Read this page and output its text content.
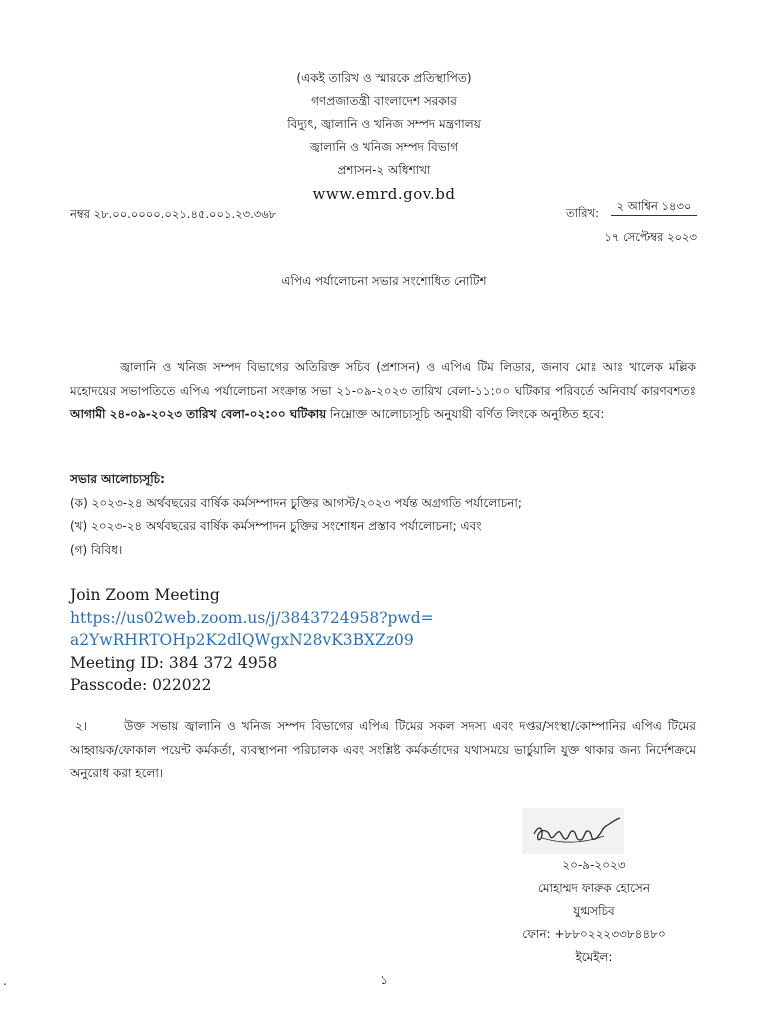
(একই তারিখ ও স্মারকে প্রতিস্থাপিত)
গণপ্রজাতন্ত্রী বাংলাদেশ সরকার
বিদ্যুৎ, জ্বালানি ও খনিজ সম্পদ মন্ত্রণালয়
জ্বালানি ও খনিজ সম্পদ বিভাগ
প্রশাসন-২ অধিশাখা
www.emrd.gov.bd
নম্বর ২৮.০০.০০০০.০২১.৪৫.০০১.২৩.৩৬৮	তারিখ:	২ আশ্বিন ১৪৩০
১৭ সেপ্টেম্বর ২০২৩
এপিএ পর্যালোচনা সভার সংশোধিত নোটিশ
জ্বালানি ও খনিজ সম্পদ বিভাগের অতিরিক্ত সচিব (প্রশাসন) ও এপিএ টিম লিডার, জনাব মোঃ আঃ খালেক মল্লিক মহোদয়ের সভাপতিতে এপিএ পর্যালোচনা সংক্রান্ত সভা ২১-০৯-২০২৩ তারিখ বেলা-১১:০০ ঘটিকার পরিবর্তে অনিবার্য কারণবশতঃ আগামী ২৪-০৯-২০২৩ তারিখ বেলা-০২:০০ ঘটিকায় নিম্নোক্ত আলোচ্যসূচি অনুযায়ী বর্ণিত লিংকে অনুষ্ঠিত হবে:
সভার আলোচ্যসূচি:
(ক) ২০২৩-২৪ অর্থবছরের বার্ষিক কর্মসম্পাদন চুক্তির আগস্ট/২০২৩ পর্যন্ত অগ্রগতি পর্যালোচনা;
(খ) ২০২৩-২৪ অর্থবছরের বার্ষিক কর্মসম্পাদন চুক্তির সংশোধন প্রস্তাব পর্যালোচনা; এবং
(গ) বিবিধ।
Join Zoom Meeting
https://us02web.zoom.us/j/3843724958?pwd=
a2YwRHRTOHp2K2dlQWgxN28vK3BXZz09
Meeting ID: 384 372 4958
Passcode: 022022
২।	উক্ত সভায় জ্বালানি ও খনিজ সম্পদ বিভাগের এপিএ টিমের সকল সদস্য এবং দপ্তর/সংস্থা/কোম্পানির এপিএ টিমের আহ্বায়ক/ফোকাল পয়েন্ট কর্মকর্তা, ব্যবস্থাপনা পরিচালক এবং সংশ্লিষ্ট কর্মকর্তাদের যথাসময়ে ভার্চুয়ালি যুক্ত থাকার জন্য নির্দেশক্রমে অনুরোধ করা হলো।
২০-৯-২০২৩
মোহাম্মদ ফারুক হোসেন
যুগ্মসচিব
ফোন: +৮৮০২২২৩৩৮৪৪৮০
ইমেইল:
১
.
